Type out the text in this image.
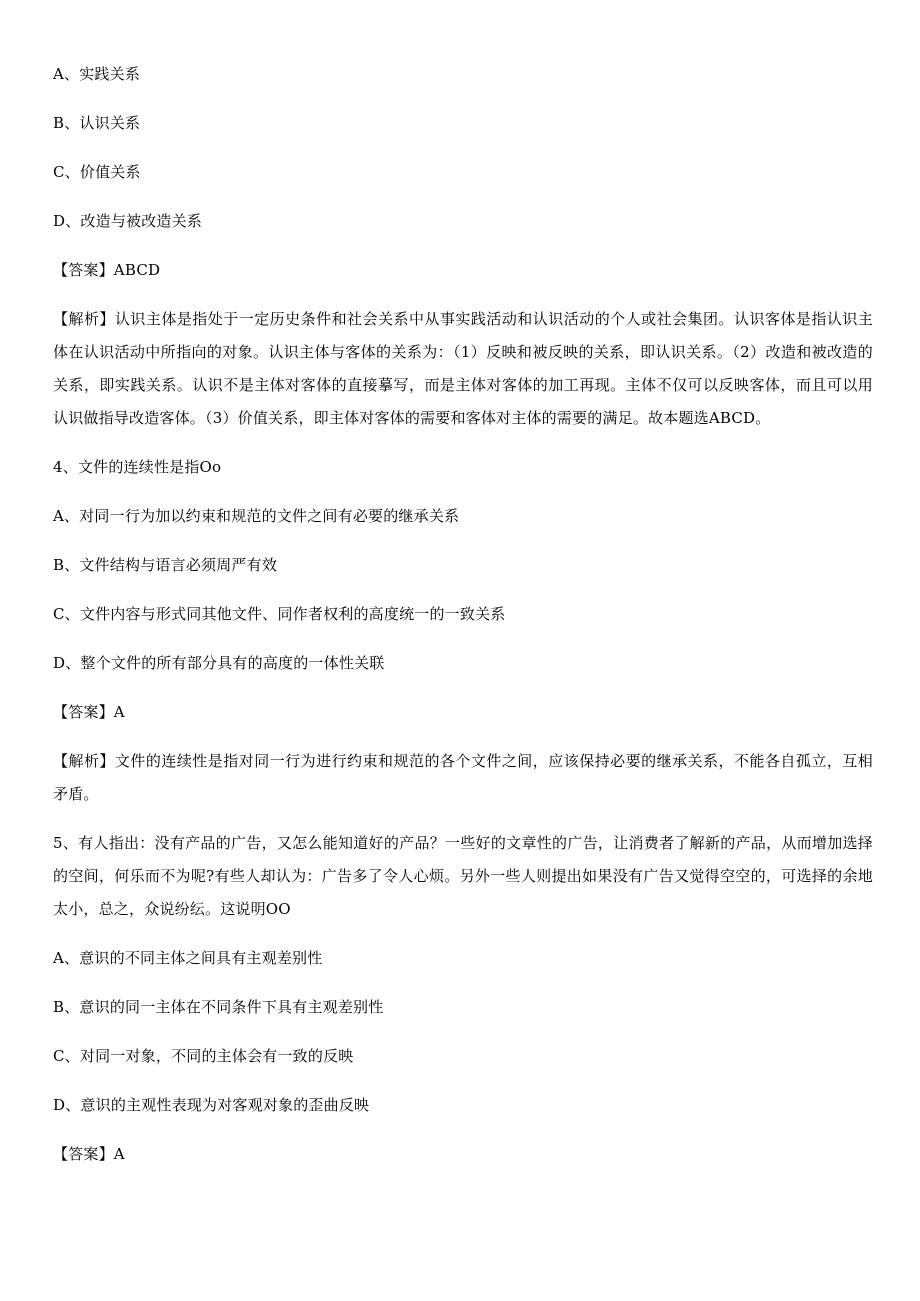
A、实践关系
B、认识关系
C、价值关系
D、改造与被改造关系
【答案】ABCD
【解析】认识主体是指处于一定历史条件和社会关系中从事实践活动和认识活动的个人或社会集团。认识客体是指认识主体在认识活动中所指向的对象。认识主体与客体的关系为：（1）反映和被反映的关系，即认识关系。（2）改造和被改造的关系，即实践关系。认识不是主体对客体的直接摹写，而是主体对客体的加工再现。主体不仅可以反映客体，而且可以用认识做指导改造客体。（3）价值关系，即主体对客体的需要和客体对主体的需要的满足。故本题选ABCD。
4、文件的连续性是指Oo
A、对同一行为加以约束和规范的文件之间有必要的继承关系
B、文件结构与语言必须周严有效
C、文件内容与形式同其他文件、同作者权利的高度统一的一致关系
D、整个文件的所有部分具有的高度的一体性关联
【答案】A
【解析】文件的连续性是指对同一行为进行约束和规范的各个文件之间，应该保持必要的继承关系，不能各自孤立，互相矛盾。
5、有人指出：没有产品的广告，又怎么能知道好的产品？一些好的文章性的广告，让消费者了解新的产品，从而增加选择的空间，何乐而不为呢?有些人却认为：广告多了令人心烦。另外一些人则提出如果没有广告又觉得空空的，可选择的余地太小，总之，众说纷纭。这说明OO
A、意识的不同主体之间具有主观差别性
B、意识的同一主体在不同条件下具有主观差别性
C、对同一对象，不同的主体会有一致的反映
D、意识的主观性表现为对客观对象的歪曲反映
【答案】A
